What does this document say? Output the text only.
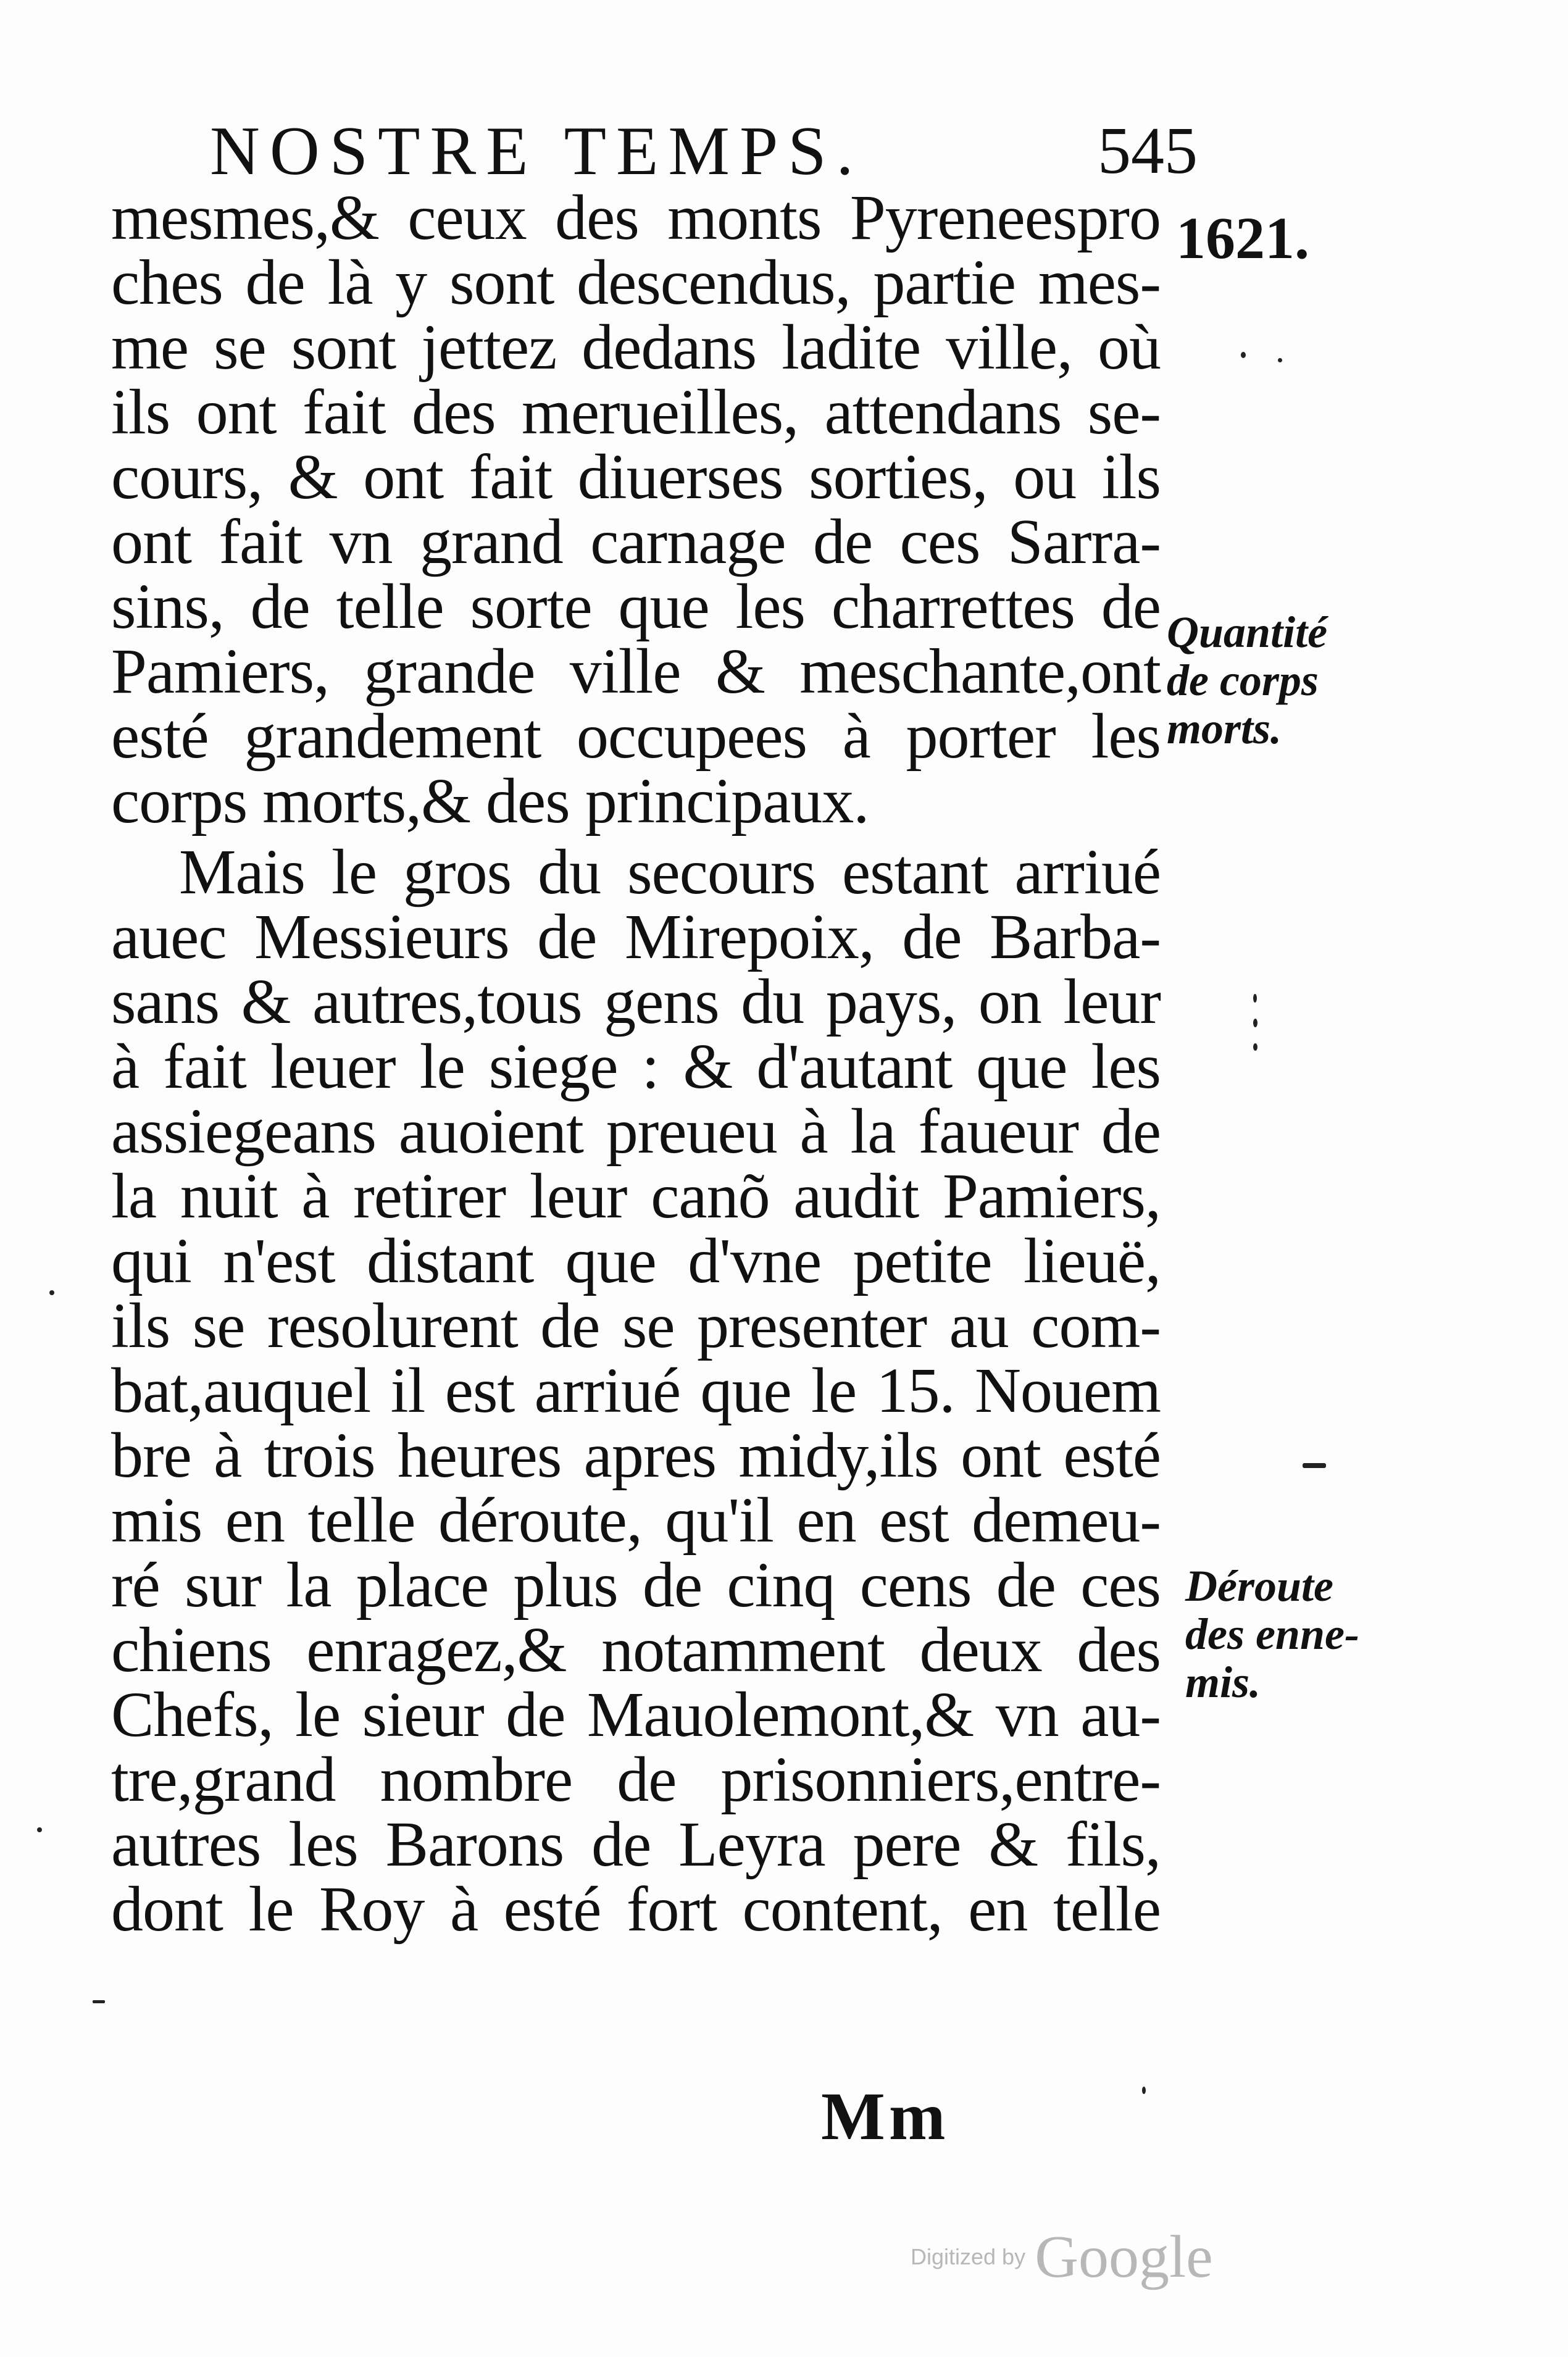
NOSTRE TEMPS.	545
1621.
mesmes,& ceux des monts Pyreneespro
ches de là y sont descendus, partie mes-
me se sont jettez dedans ladite ville, où
ils ont fait des merueilles, attendans se-
cours, & ont fait diuerses sorties, ou ils
ont fait vn grand carnage de ces Sarra-
sins, de telle sorte que les charrettes de
Pamiers, grande ville & meschante,ont
esté grandement occupees à porter les
corps morts,& des principaux.
Mais le gros du secours estant arriué
auec Messieurs de Mirepoix, de Barba-
sans & autres,tous gens du pays, on leur
à fait leuer le siege : & d'autant que les
assiegeans auoient preueu à la faueur de
la nuit à retirer leur canõ audit Pamiers,
qui n'est distant que d'vne petite lieuë,
ils se resolurent de se presenter au com-
bat,auquel il est arriué que le 15. Nouem
bre à trois heures apres midy,ils ont esté
mis en telle déroute, qu'il en est demeu-
ré sur la place plus de cinq cens de ces
chiens enragez,& notamment deux des
Chefs, le sieur de Mauolemont,& vn au-
tre,grand nombre de prisonniers,entre-
autres les Barons de Leyra pere & fils,
dont le Roy à esté fort content, en telle
Quantité
de corps
morts.
Déroute
des enne-
mis.
Mm
Digitized by Google
